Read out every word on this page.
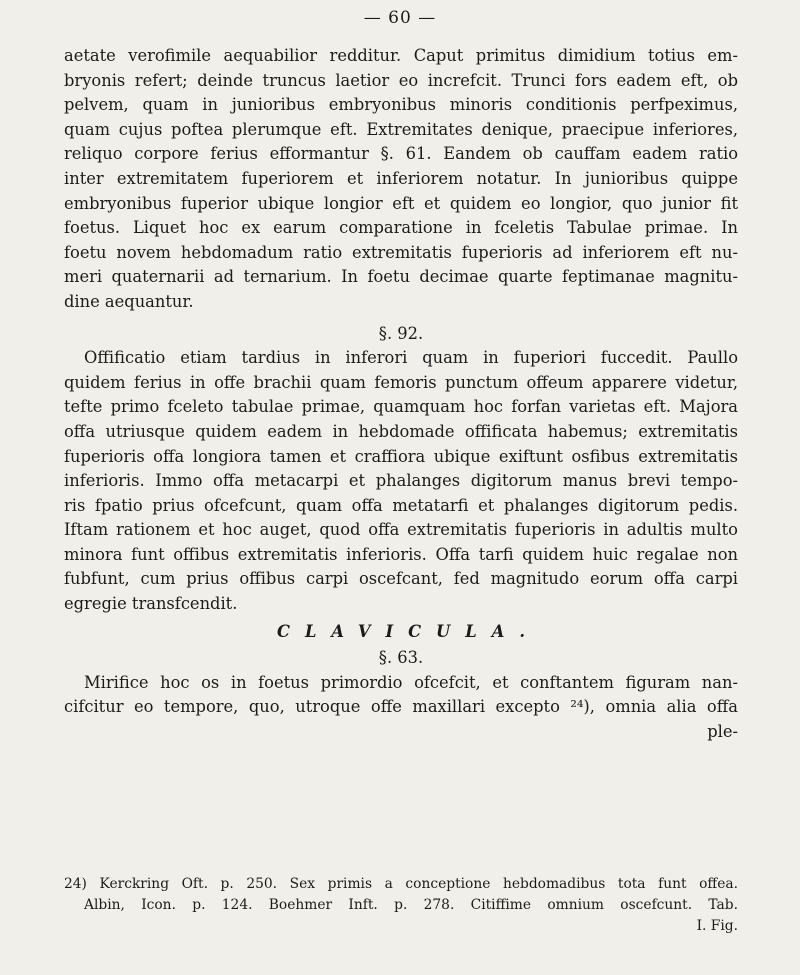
— 60 —
aetate verofimile aequabilior redditur. Caput primitus dimidium totius em-
bryonis refert; deinde truncus laetior eo increfcit. Trunci fors eadem eft, ob
pelvem, quam in junioribus embryonibus minoris conditionis perfpeximus,
quam cujus poftea plerumque eft. Extremitates denique, praecipue inferiores,
reliquo corpore ferius efformantur §. 61. Eandem ob cauffam eadem ratio
inter extremitatem fuperiorem et inferiorem notatur. In junioribus quippe
embryonibus fuperior ubique longior eft et quidem eo longior, quo junior fit
foetus. Liquet hoc ex earum comparatione in fceletis Tabulae primae. In
foetu novem hebdomadum ratio extremitatis fuperioris ad inferiorem eft nu-
meri quaternarii ad ternarium. In foetu decimae quarte feptimanae magnitu-
dine aequantur.
§. 92.
Offificatio etiam tardius in inferori quam in fuperiori fuccedit. Paullo
quidem ferius in offe brachii quam femoris punctum offeum apparere videtur,
tefte primo fceleto tabulae primae, quamquam hoc forfan varietas eft. Majora
offa utriusque quidem eadem in hebdomade offificata habemus; extremitatis
fuperioris offa longiora tamen et craffiora ubique exiftunt osfibus extremitatis
inferioris. Immo offa metacarpi et phalanges digitorum manus brevi tempo-
ris fpatio prius ofcefcunt, quam offa metatarfi et phalanges digitorum pedis.
Iftam rationem et hoc auget, quod offa extremitatis fuperioris in adultis multo
minora funt offibus extremitatis inferioris. Offa tarfi quidem huic regalae non
fubfunt, cum prius offibus carpi oscefcant, fed magnitudo eorum offa carpi
egregie transfcendit.
CLAVICULA.
§. 63.
Mirifice hoc os in foetus primordio ofcefcit, et conftantem figuram nan-
cifcitur eo tempore, quo, utroque offe maxillari excepto ²⁴), omnia alia offa
ple-
24) Kerckring Oft. p. 250. Sex primis a conceptione hebdomadibus tota funt offea.
Albin, Icon. p. 124. Boehmer Inft. p. 278. Citiffime omnium oscefcunt. Tab.
I. Fig.
